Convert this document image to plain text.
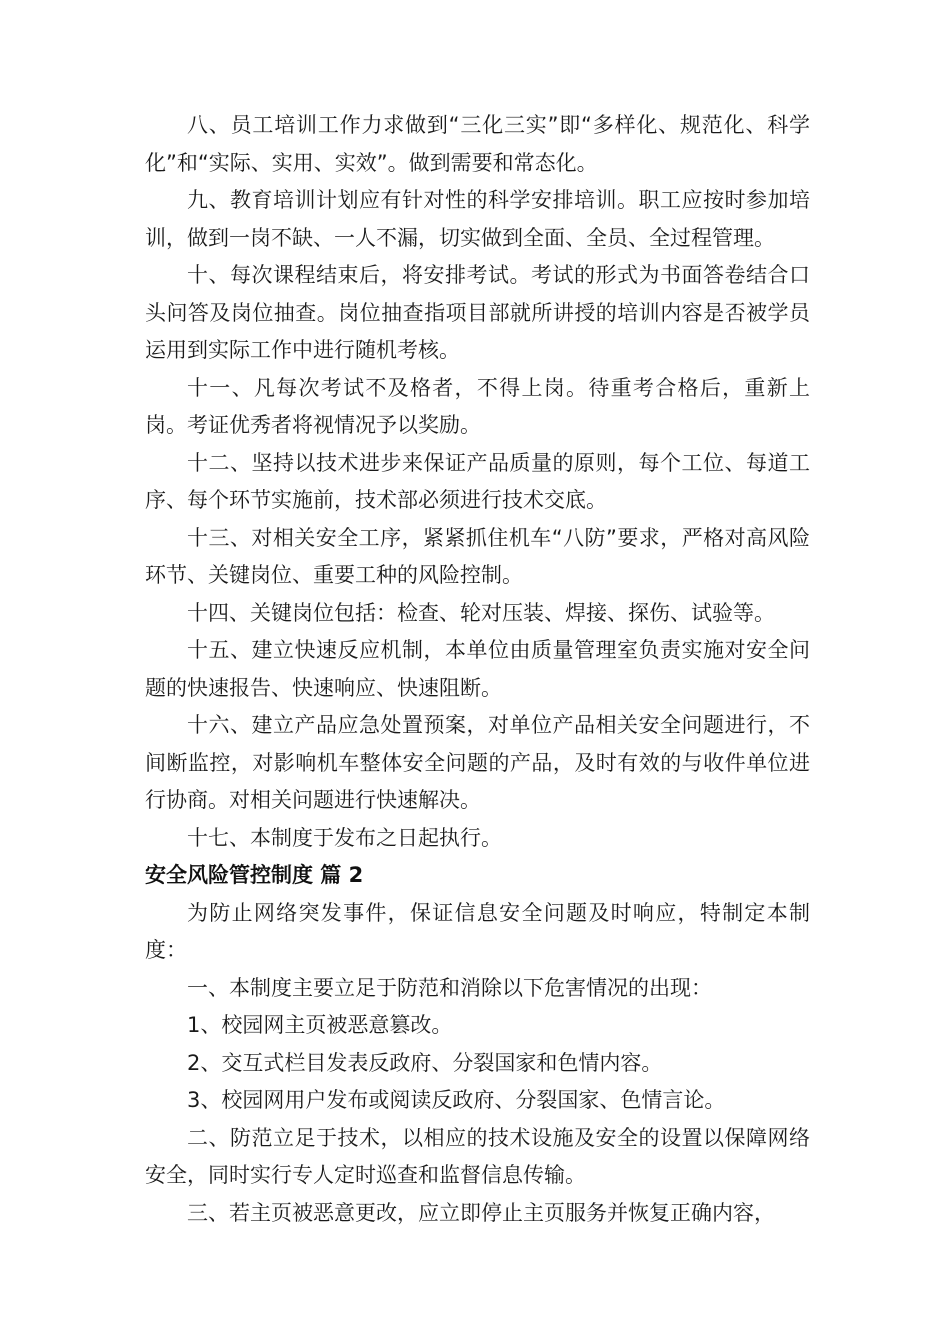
八、员工培训工作力求做到“三化三实”即“多样化、规范化、科学化”和“实际、实用、实效”。做到需要和常态化。

九、教育培训计划应有针对性的科学安排培训。职工应按时参加培训，做到一岗不缺、一人不漏，切实做到全面、全员、全过程管理。

十、每次课程结束后，将安排考试。考试的形式为书面答卷结合口头问答及岗位抽查。岗位抽查指项目部就所讲授的培训内容是否被学员运用到实际工作中进行随机考核。

十一、凡每次考试不及格者，不得上岗。待重考合格后，重新上岗。考证优秀者将视情况予以奖励。

十二、坚持以技术进步来保证产品质量的原则，每个工位、每道工序、每个环节实施前，技术部必须进行技术交底。

十三、对相关安全工序，紧紧抓住机车“八防”要求，严格对高风险环节、关键岗位、重要工种的风险控制。

十四、关键岗位包括：检查、轮对压装、焊接、探伤、试验等。

十五、建立快速反应机制，本单位由质量管理室负责实施对安全问题的快速报告、快速响应、快速阻断。

十六、建立产品应急处置预案，对单位产品相关安全问题进行，不间断监控，对影响机车整体安全问题的产品，及时有效的与收件单位进行协商。对相关问题进行快速解决。

十七、本制度于发布之日起执行。

安全风险管控制度 篇 2

为防止网络突发事件，保证信息安全问题及时响应，特制定本制度：

一、本制度主要立足于防范和消除以下危害情况的出现：

1、校园网主页被恶意篡改。

2、交互式栏目发表反政府、分裂国家和色情内容。

3、校园网用户发布或阅读反政府、分裂国家、色情言论。

二、防范立足于技术，以相应的技术设施及安全的设置以保障网络安全，同时实行专人定时巡查和监督信息传输。

三、若主页被恶意更改，应立即停止主页服务并恢复正确内容，
